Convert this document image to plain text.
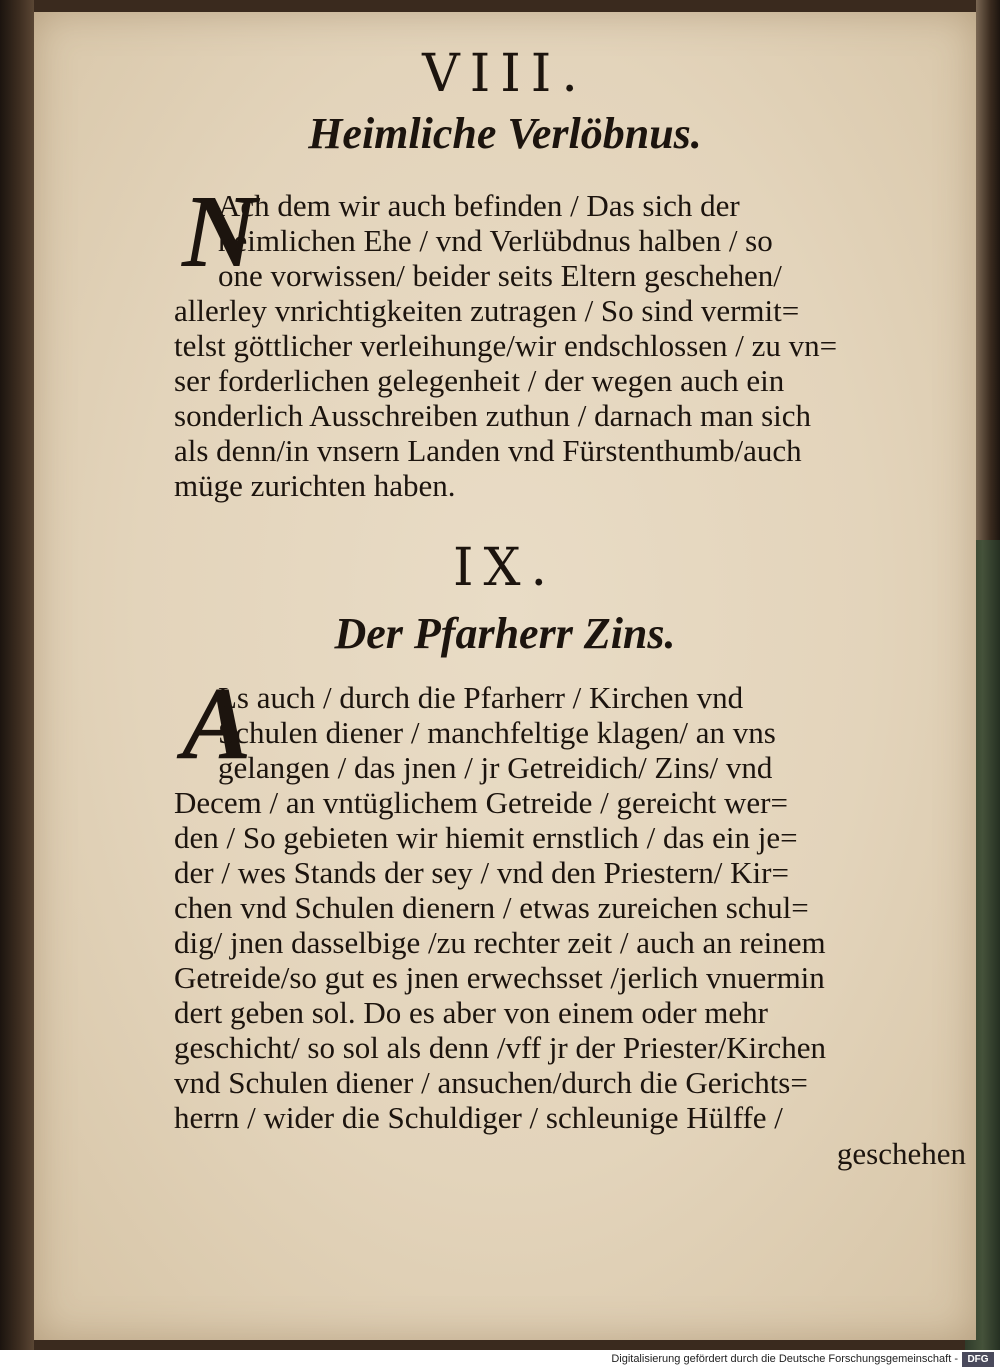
VIII.
Heimliche Verlöbnus.
N
Ach dem wir auch befinden / Das sich der
heimlichen Ehe / vnd Verlübdnus halben / so
one vorwissen/ beider seits Eltern geschehen/
allerley vnrichtigkeiten zutragen / So sind vermit=
telst göttlicher verleihunge/wir endschlossen / zu vn=
ser forderlichen gelegenheit / der wegen auch ein
sonderlich Ausschreiben zuthun / darnach man sich
als denn/in vnsern Landen vnd Fürstenthumb/auch
müge zurichten haben.
IX.
Der Pfarherr Zins.
A
Ls auch / durch die Pfarherr / Kirchen vnd
Schulen diener / manchfeltige klagen/ an vns
gelangen / das jnen / jr Getreidich/ Zins/ vnd
Decem / an vntüglichem Getreide / gereicht wer=
den / So gebieten wir hiemit ernstlich / das ein je=
der / wes Stands der sey / vnd den Priestern/ Kir=
chen vnd Schulen dienern / etwas zureichen schul=
dig/ jnen dasselbige /zu rechter zeit / auch an reinem
Getreide/so gut es jnen erwechsset /jerlich vnuermin
dert geben sol. Do es aber von einem oder mehr
geschicht/ so sol als denn /vff jr der Priester/Kirchen
vnd Schulen diener / ansuchen/durch die Gerichts=
herrn / wider die Schuldiger / schleunige Hülffe /
geschehen
Digitalisierung gefördert durch die Deutsche Forschungsgemeinschaft - DFG
